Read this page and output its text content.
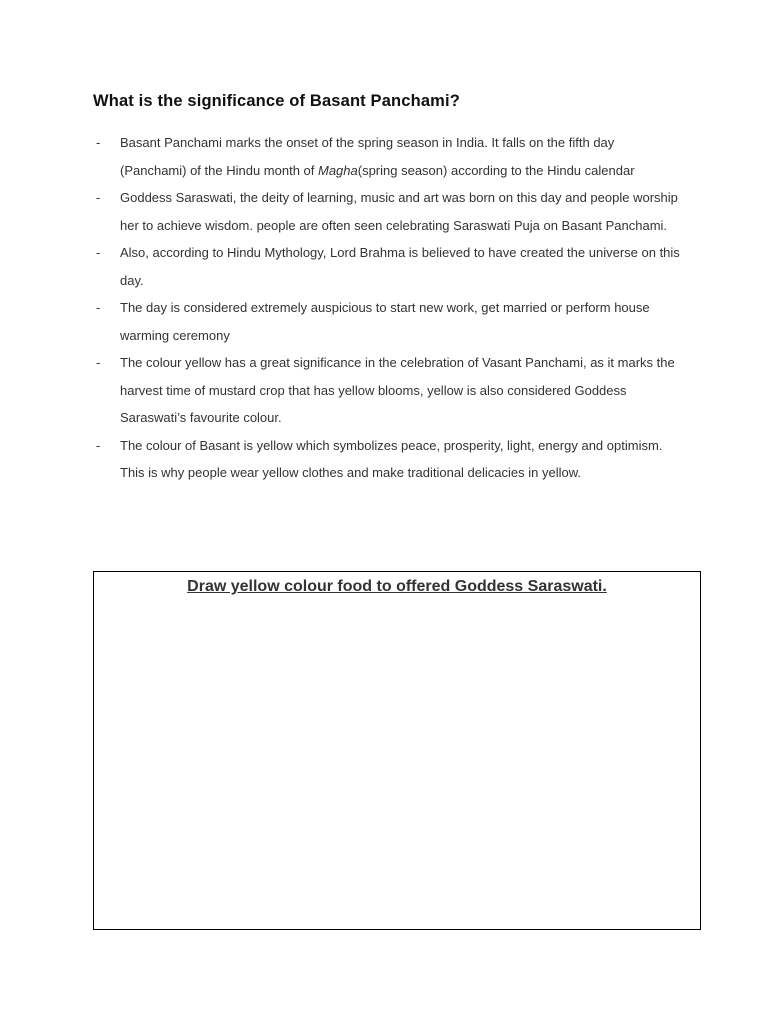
What is the significance of Basant Panchami?
- Basant Panchami marks the onset of the spring season in India. It falls on the fifth day (Panchami) of the Hindu month of Magha(spring season) according to the Hindu calendar
- Goddess Saraswati, the deity of learning, music and art was born on this day and people worship her to achieve wisdom. people are often seen celebrating Saraswati Puja on Basant Panchami.
- Also, according to Hindu Mythology, Lord Brahma is believed to have created the universe on this day.
- The day is considered extremely auspicious to start new work, get married or perform house warming ceremony
- The colour yellow has a great significance in the celebration of Vasant Panchami, as it marks the harvest time of mustard crop that has yellow blooms, yellow is also considered Goddess Saraswati’s favourite colour.
- The colour of Basant is yellow which symbolizes peace, prosperity, light, energy and optimism. This is why people wear yellow clothes and make traditional delicacies in yellow.

Draw yellow colour food to offered Goddess Saraswati.
